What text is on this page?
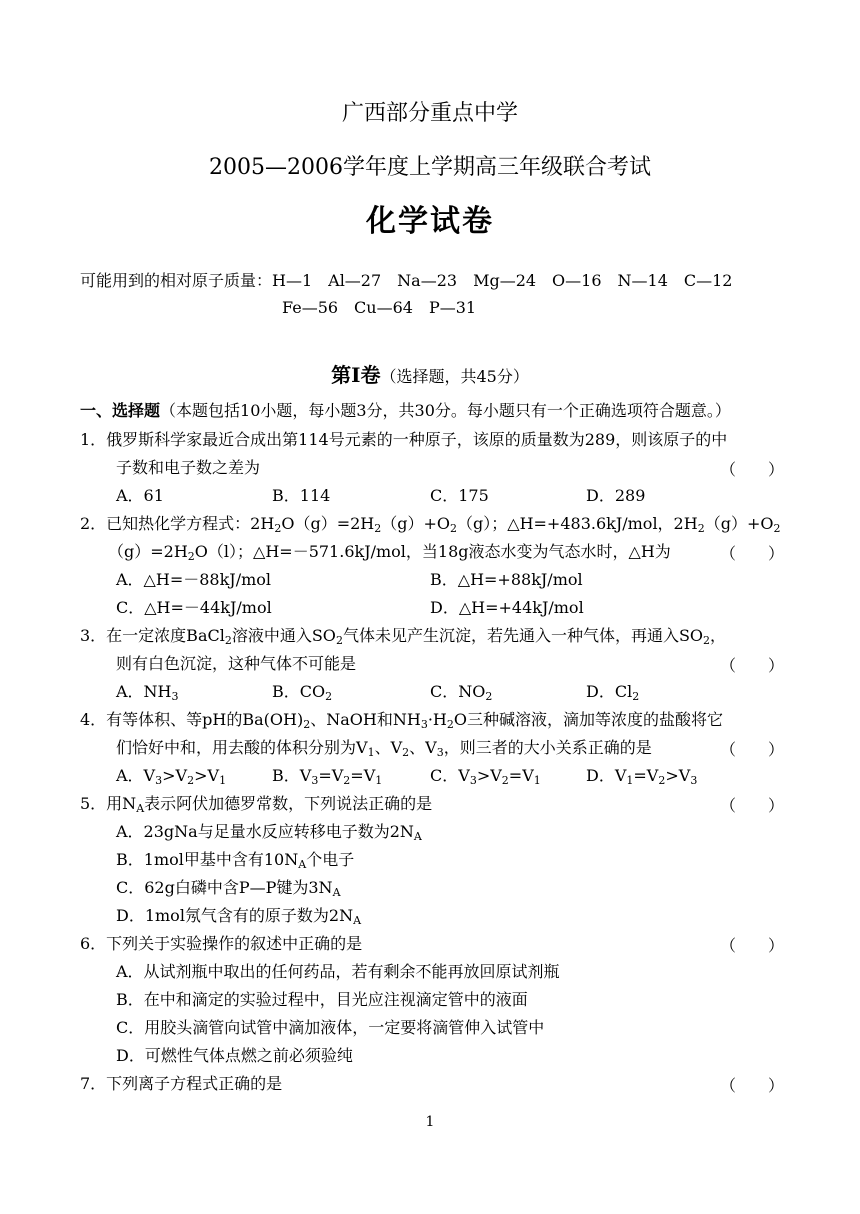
广西部分重点中学
2005—2006学年度上学期高三年级联合考试
化学试卷
可能用到的相对原子质量：H—1　Al—27　Na—23　Mg—24　O—16　N—14　C—12
Fe—56　Cu—64　P—31
第Ⅰ卷（选择题，共45分）
一、选择题（本题包括10小题，每小题3分，共30分。每小题只有一个正确选项符合题意。）
1．俄罗斯科学家最近合成出第114号元素的一种原子，该原的质量数为289，则该原子的中
子数和电子数之差为	（　　）
A．61	B．114	C．175	D．289
2．已知热化学方程式：$2H_2O(g)=2H_2(g)+O_2(g)$；△H=+483.6kJ/mol，$2H_2(g)+O_2$
$(g)=2H_2O(l)$；△H=－571.6kJ/mol，当18g液态水变为气态水时，△H为	（　　）
A．△H=－88kJ/mol	B．△H=+88kJ/mol
C．△H=－44kJ/mol	D．△H=+44kJ/mol
3．在一定浓度BaCl$_2$溶液中通入$SO_2$气体未见产生沉淀，若先通入一种气体，再通入$SO_2$，
则有白色沉淀，这种气体不可能是	（　　）
A．$NH_3$	B．$CO_2$	C．$NO_2$	D．$Cl_2$
4．有等体积、等pH的$Ba(OH)_2$、NaOH和$NH_3\cdot H_2O$三种碱溶液，滴加等浓度的盐酸将它
们恰好中和，用去酸的体积分别为$V_1$、$V_2$、$V_3$，则三者的大小关系正确的是	（　　）
A．$V_3>V_2>V_1$	B．$V_3=V_2=V_1$	C．$V_3>V_2=V_1$	D．$V_1=V_2>V_3$
5．用$N_A$表示阿伏加德罗常数，下列说法正确的是	（　　）
A．23gNa与足量水反应转移电子数为$2N_A$
B．1mol甲基中含有$10N_A$个电子
C．62g白磷中含P—P键为$3N_A$
D．1mol氖气含有的原子数为$2N_A$
6．下列关于实验操作的叙述中正确的是	（　　）
A．从试剂瓶中取出的任何药品，若有剩余不能再放回原试剂瓶
B．在中和滴定的实验过程中，目光应注视滴定管中的液面
C．用胶头滴管向试管中滴加液体，一定要将滴管伸入试管中
D．可燃性气体点燃之前必须验纯
7．下列离子方程式正确的是	（　　）
1
